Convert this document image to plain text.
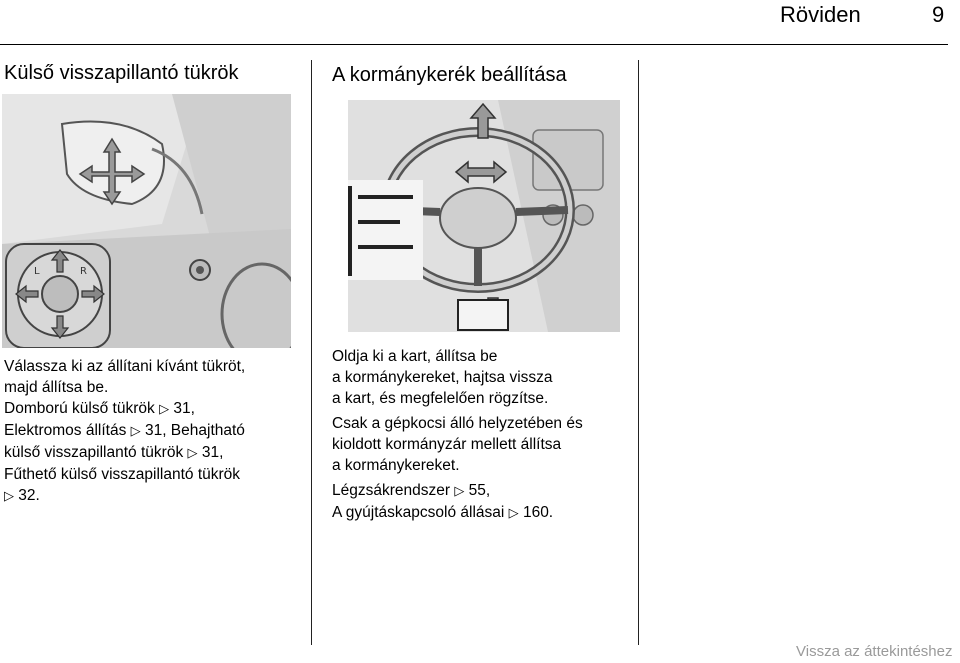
Röviden	9
Külső visszapillantó tükrök
L	R

Válassza ki az állítani kívánt tükröt,

majd állítsa be.

Domború külső tükrök ▷ 31,

Elektromos állítás ▷ 31, Behajtható

külső visszapillantó tükrök ▷ 31,

Fűthető külső visszapillantó tükrök

▷ 32.

A kormánykerék beállítása

Oldja ki a kart, állítsa be

a kormánykereket, hajtsa vissza

a kart, és megfelelően rögzítse.

Csak a gépkocsi álló helyzetében és

kioldott kormányzár mellett állítsa

a kormánykereket.

Légzsákrendszer ▷ 55,

A gyújtáskapcsoló állásai ▷ 160.

Vissza az áttekintéshez
